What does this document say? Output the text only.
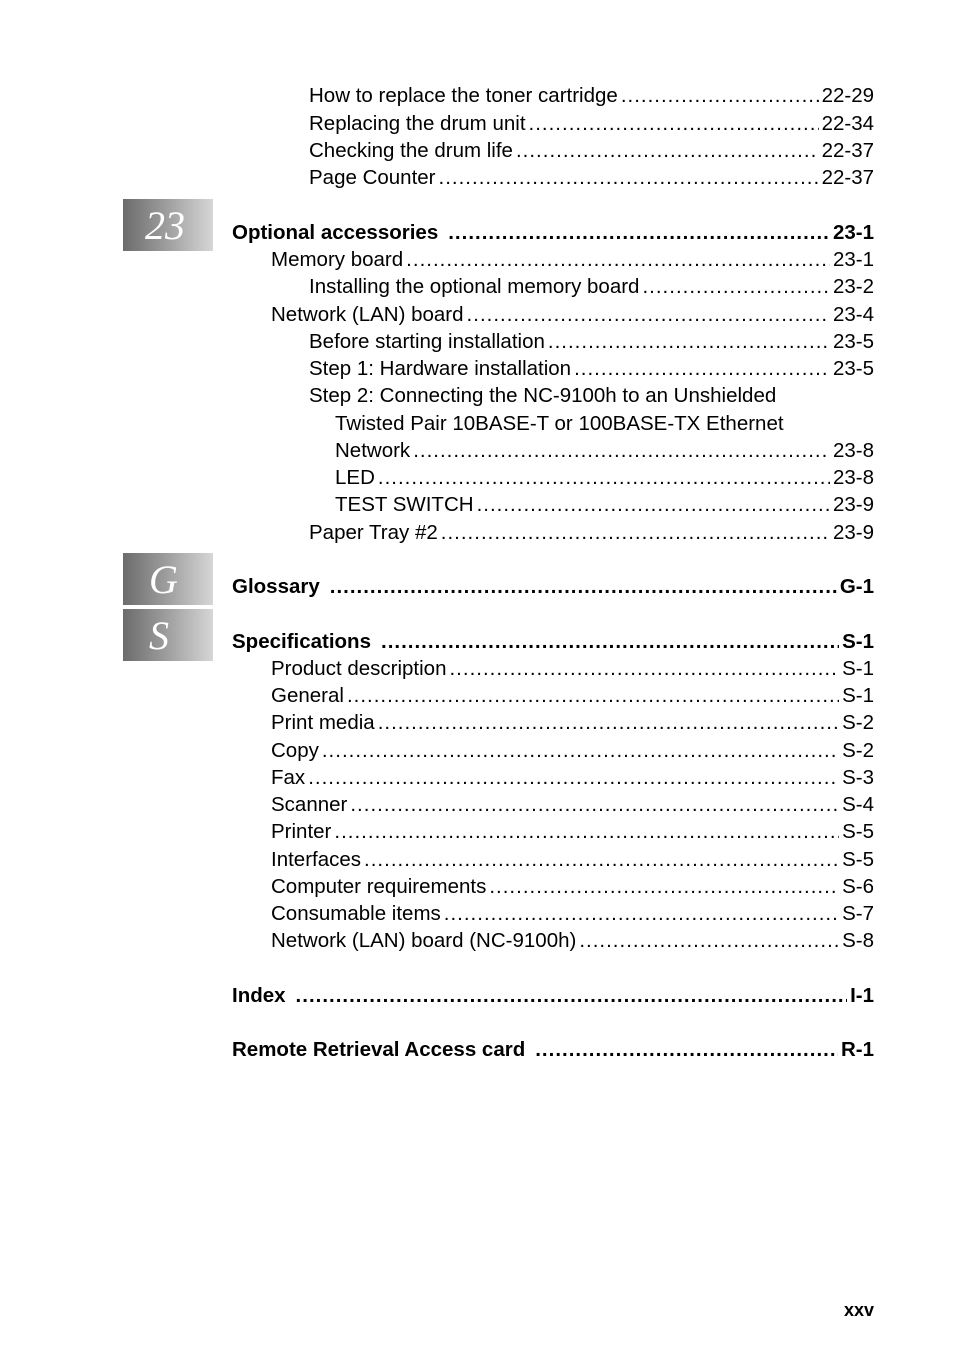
23
G
S
How to replace the toner cartridge .....	22-29
Replacing the drum unit .....	22-34
Checking the drum life .....	22-37
Page Counter .....	22-37
Optional accessories .....	23-1
Memory board .....	23-1
Installing the optional memory board .....	23-2
Network (LAN) board .....	23-4
Before starting installation .....	23-5
Step 1: Hardware installation .....	23-5
Step 2: Connecting the NC-9100h to an Unshielded
Twisted Pair 10BASE-T or 100BASE-TX Ethernet
Network .....	23-8
LED .....	23-8
TEST SWITCH .....	23-9
Paper Tray #2 .....	23-9
Glossary .....	G-1
Specifications .....	S-1
Product description .....	S-1
General .....	S-1
Print media .....	S-2
Copy .....	S-2
Fax .....	S-3
Scanner .....	S-4
Printer .....	S-5
Interfaces .....	S-5
Computer requirements .....	S-6
Consumable items .....	S-7
Network (LAN) board (NC-9100h) .....	S-8
Index .....	I-1
Remote Retrieval Access card .....	R-1
xxv
